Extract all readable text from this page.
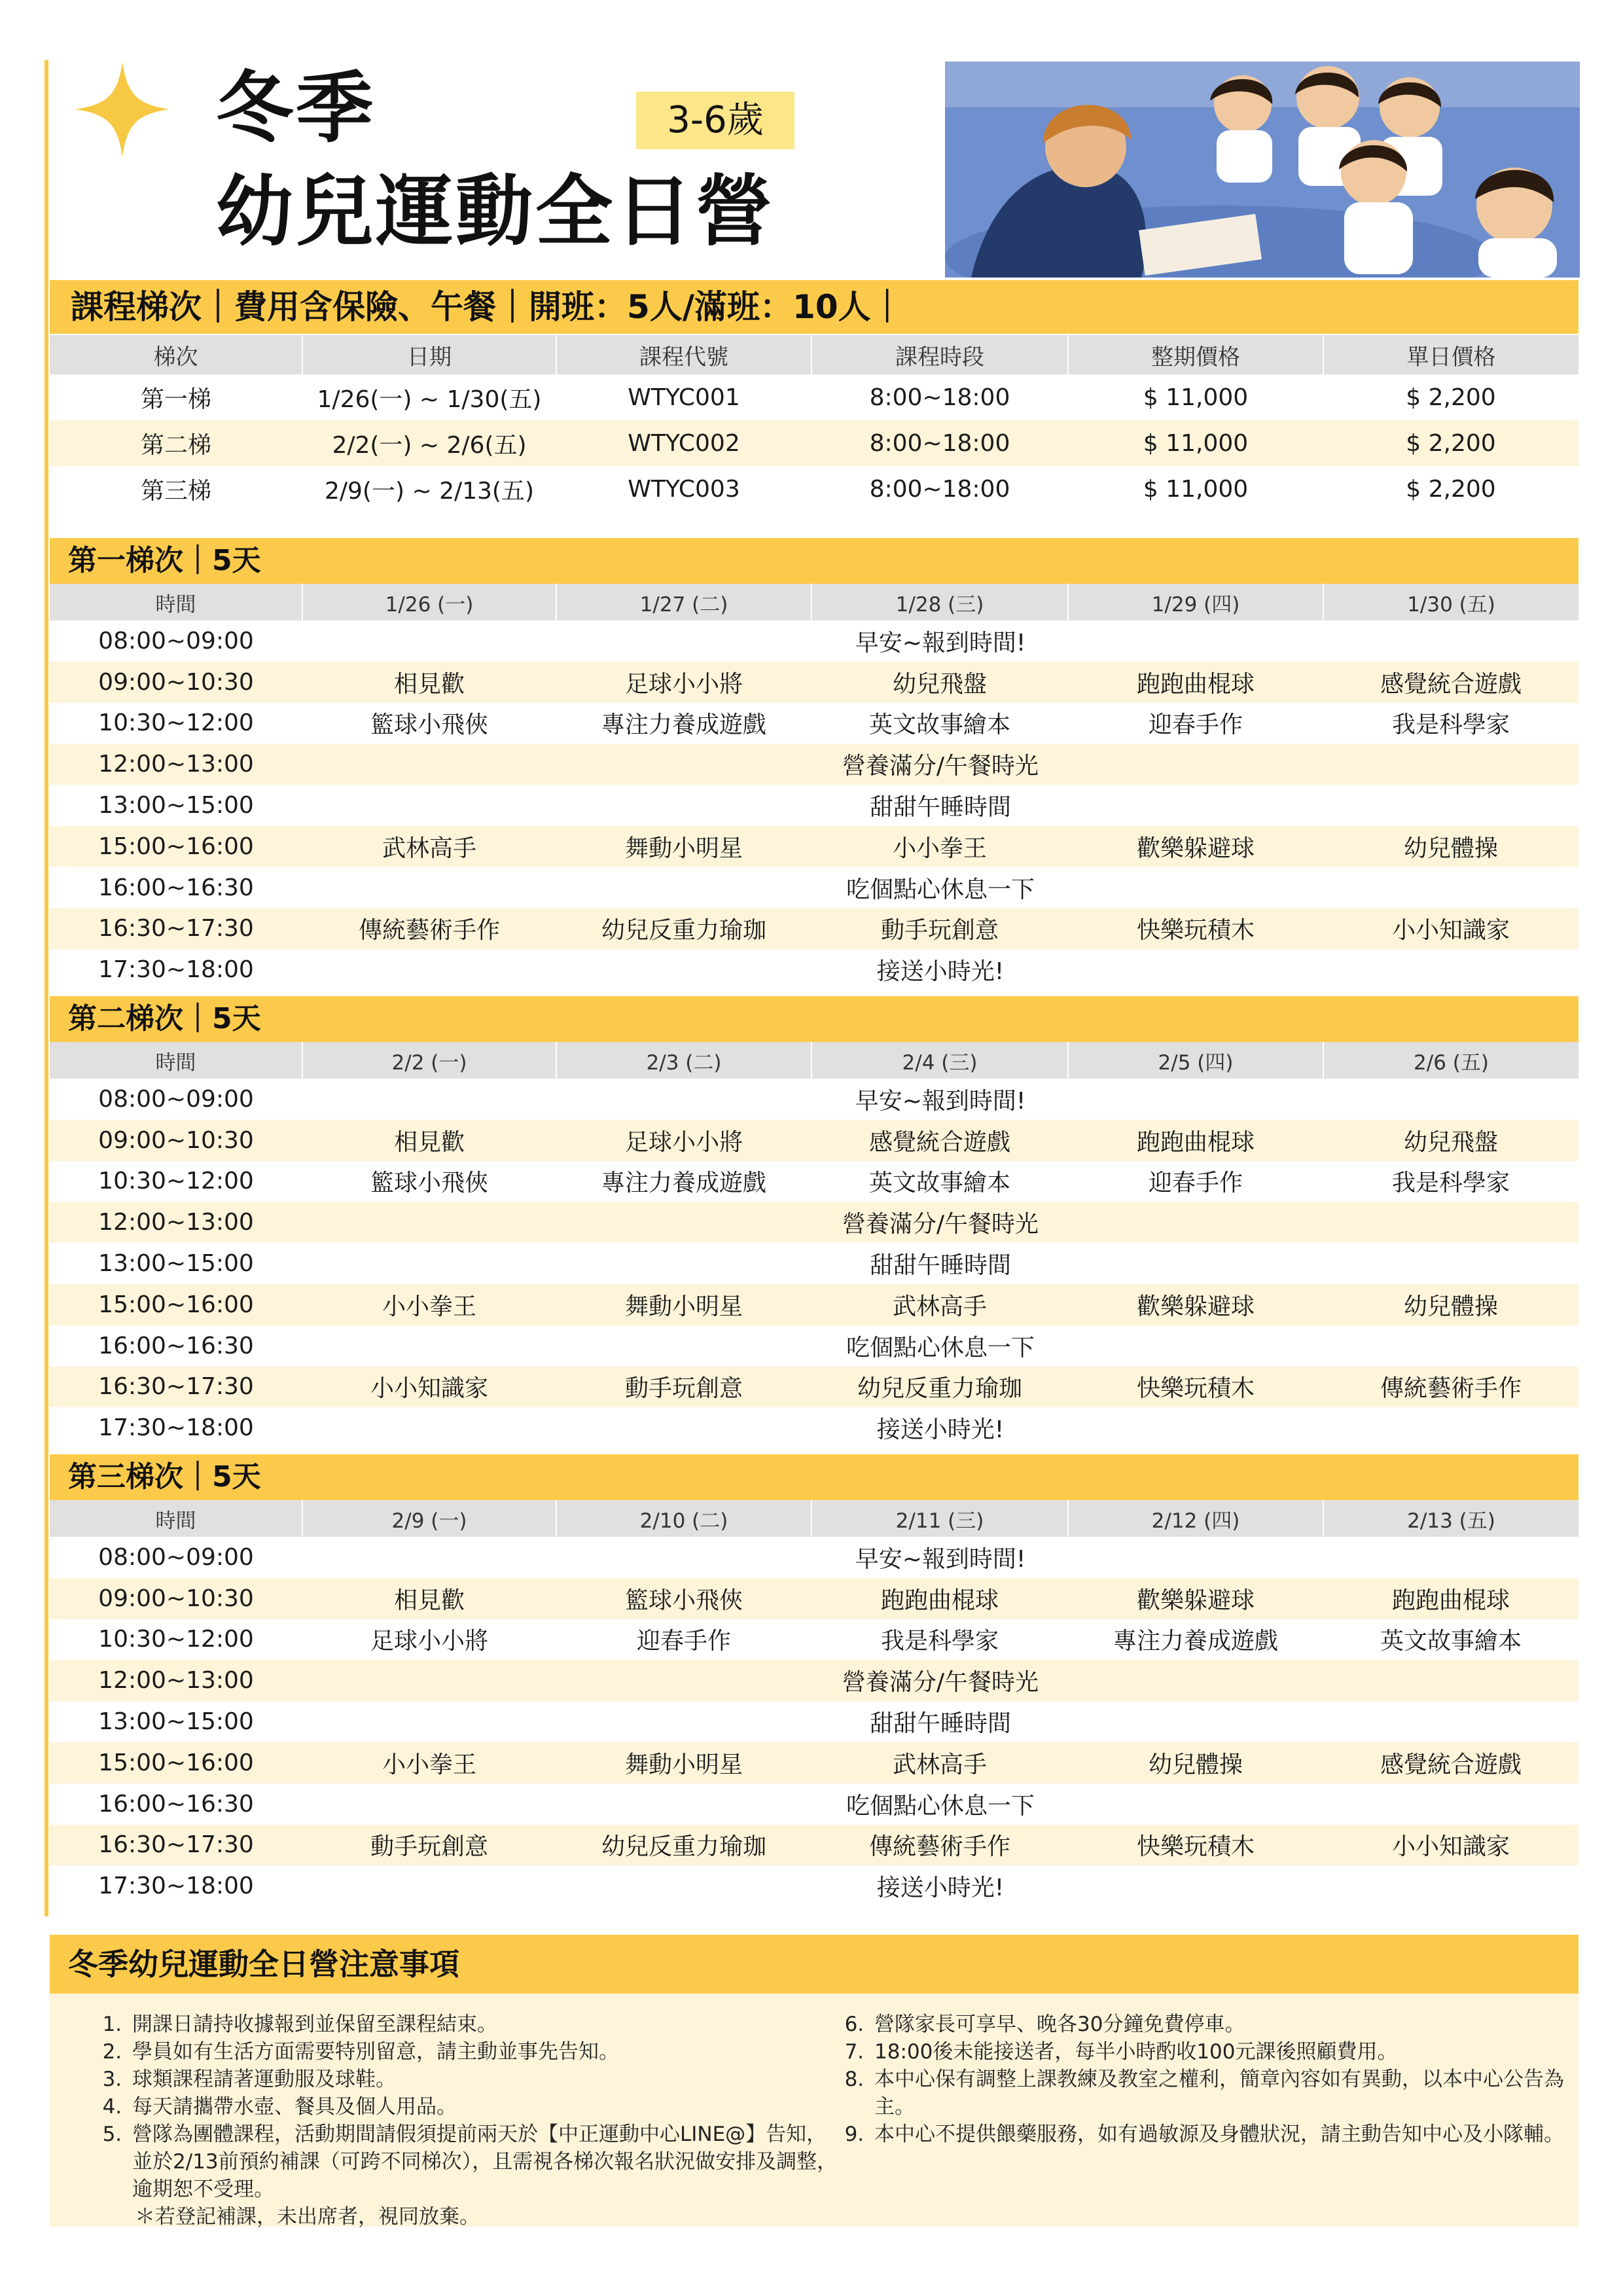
冬季
幼兒運動全日營
3-6歲
課程梯次｜費用含保險、午餐｜開班：5人/滿班：10人｜
梯次	日期	課程代號	課程時段	整期價格	單日價格
第一梯	1/26(一) ~ 1/30(五)	WTYC001	8:00~18:00	$ 11,000	$ 2,200
第二梯	2/2(一) ~ 2/6(五)	WTYC002	8:00~18:00	$ 11,000	$ 2,200
第三梯	2/9(一) ~ 2/13(五)	WTYC003	8:00~18:00	$ 11,000	$ 2,200
第一梯次｜5天
時間	1/26 (一)	1/27 (二)	1/28 (三)	1/29 (四)	1/30 (五)
08:00~09:00	早安~報到時間!				
09:00~10:30	相見歡	足球小小將	幼兒飛盤	跑跑曲棍球	感覺統合遊戲
10:30~12:00	籃球小飛俠	專注力養成遊戲	英文故事繪本	迎春手作	我是科學家
12:00~13:00	營養滿分/午餐時光				
13:00~15:00	甜甜午睡時間				
15:00~16:00	武林高手	舞動小明星	小小拳王	歡樂躲避球	幼兒體操
16:00~16:30	吃個點心休息一下				
16:30~17:30	傳統藝術手作	幼兒反重力瑜珈	動手玩創意	快樂玩積木	小小知識家
17:30~18:00	接送小時光!				
第二梯次｜5天
時間	2/2 (一)	2/3 (二)	2/4 (三)	2/5 (四)	2/6 (五)
08:00~09:00	早安~報到時間!				
09:00~10:30	相見歡	足球小小將	感覺統合遊戲	跑跑曲棍球	幼兒飛盤
10:30~12:00	籃球小飛俠	專注力養成遊戲	英文故事繪本	迎春手作	我是科學家
12:00~13:00	營養滿分/午餐時光				
13:00~15:00	甜甜午睡時間				
15:00~16:00	小小拳王	舞動小明星	武林高手	歡樂躲避球	幼兒體操
16:00~16:30	吃個點心休息一下				
16:30~17:30	小小知識家	動手玩創意	幼兒反重力瑜珈	快樂玩積木	傳統藝術手作
17:30~18:00	接送小時光!				
第三梯次｜5天
時間	2/9 (一)	2/10 (二)	2/11 (三)	2/12 (四)	2/13 (五)
08:00~09:00	早安~報到時間!				
09:00~10:30	相見歡	籃球小飛俠	跑跑曲棍球	歡樂躲避球	跑跑曲棍球
10:30~12:00	足球小小將	迎春手作	我是科學家	專注力養成遊戲	英文故事繪本
12:00~13:00	營養滿分/午餐時光				
13:00~15:00	甜甜午睡時間				
15:00~16:00	小小拳王	舞動小明星	武林高手	幼兒體操	感覺統合遊戲
16:00~16:30	吃個點心休息一下				
16:30~17:30	動手玩創意	幼兒反重力瑜珈	傳統藝術手作	快樂玩積木	小小知識家
17:30~18:00	接送小時光!				
冬季幼兒運動全日營注意事項
1. 開課日請持收據報到並保留至課程結束。
2. 學員如有生活方面需要特別留意，請主動並事先告知。
3. 球類課程請著運動服及球鞋。
4. 每天請攜帶水壺、餐具及個人用品。
5. 營隊為團體課程，活動期間請假須提前兩天於【中正運動中心LINE@】告知，並於2/13前預約補課（可跨不同梯次），且需視各梯次報名狀況做安排及調整，逾期恕不受理。
＊若登記補課，未出席者，視同放棄。
6. 營隊家長可享早、晚各30分鐘免費停車。
7. 18:00後未能接送者，每半小時酌收100元課後照顧費用。
8. 本中心保有調整上課教練及教室之權利，簡章內容如有異動，以本中心公告為主。
9. 本中心不提供餵藥服務，如有過敏源及身體狀況，請主動告知中心及小隊輔。
